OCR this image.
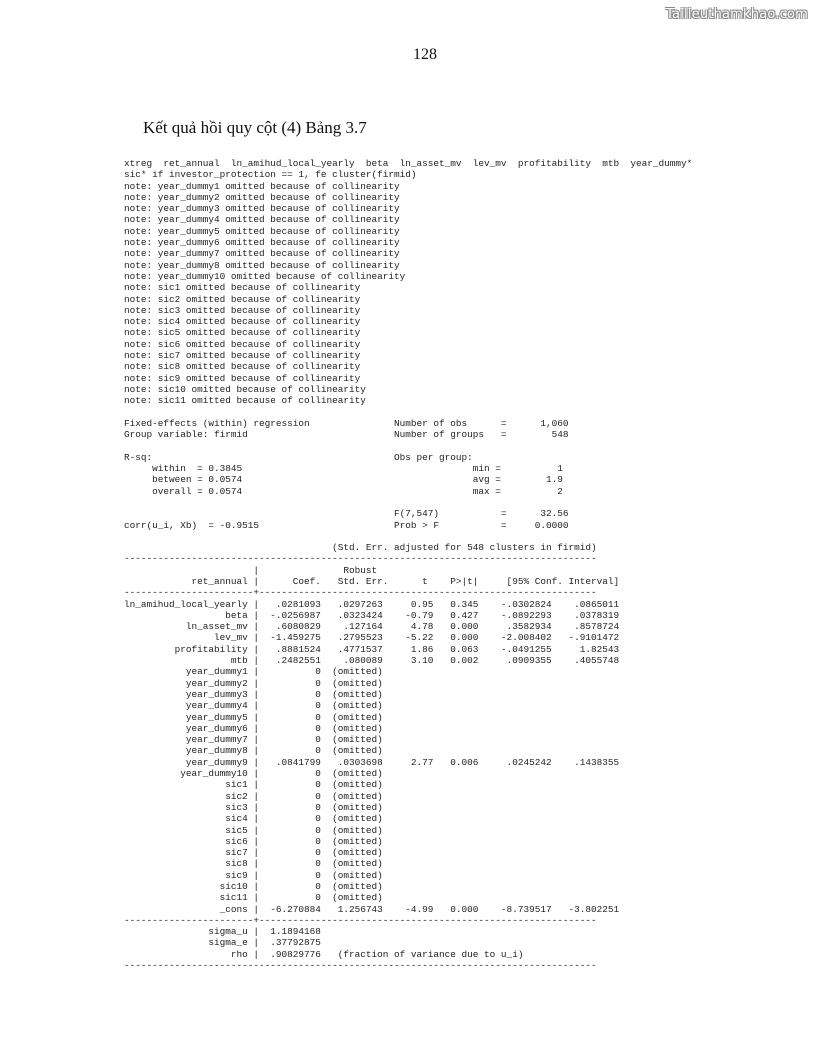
Tailieuthamkhao.com
128
Kết quả hồi quy cột (4) Bảng 3.7
xtreg  ret_annual  ln_amihud_local_yearly  beta  ln_asset_mv  lev_mv  profitability  mtb  year_dummy*
sic* if investor_protection == 1, fe cluster(firmid)
note: year_dummy1 omitted because of collinearity
note: year_dummy2 omitted because of collinearity
note: year_dummy3 omitted because of collinearity
note: year_dummy4 omitted because of collinearity
note: year_dummy5 omitted because of collinearity
note: year_dummy6 omitted because of collinearity
note: year_dummy7 omitted because of collinearity
note: year_dummy8 omitted because of collinearity
note: year_dummy10 omitted because of collinearity
note: sic1 omitted because of collinearity
note: sic2 omitted because of collinearity
note: sic3 omitted because of collinearity
note: sic4 omitted because of collinearity
note: sic5 omitted because of collinearity
note: sic6 omitted because of collinearity
note: sic7 omitted because of collinearity
note: sic8 omitted because of collinearity
note: sic9 omitted because of collinearity
note: sic10 omitted because of collinearity
note: sic11 omitted because of collinearity

Fixed-effects (within) regression               Number of obs      =      1,060
Group variable: firmid                          Number of groups   =        548

R-sq:                                           Obs per group:
within  = 0.3845                                         min =          1
between = 0.0574                                         avg =        1.9
overall = 0.0574                                         max =          2

F(7,547)           =      32.56
corr(u_i, Xb)  = -0.9515                        Prob > F           =     0.0000

(Std. Err. adjusted for 548 clusters in firmid)
------------------------------------------------------------------------------------
|               Robust
ret_annual |      Coef.   Std. Err.      t    P>|t|     [95% Conf. Interval]
-----------------------+------------------------------------------------------------
ln_amihud_local_yearly |   .0281093   .0297263     0.95   0.345    -.0302824    .0865011
beta |  -.0256987   .0323424    -0.79   0.427    -.0892293    .0378319
ln_asset_mv |   .6080829    .127164     4.78   0.000     .3582934    .8578724
lev_mv |  -1.459275   .2795523    -5.22   0.000    -2.008402   -.9101472
profitability |   .8881524   .4771537     1.86   0.063    -.0491255     1.82543
mtb |   .2482551    .080089     3.10   0.002     .0909355    .4055748
year_dummy1 |          0  (omitted)
year_dummy2 |          0  (omitted)
year_dummy3 |          0  (omitted)
year_dummy4 |          0  (omitted)
year_dummy5 |          0  (omitted)
year_dummy6 |          0  (omitted)
year_dummy7 |          0  (omitted)
year_dummy8 |          0  (omitted)
year_dummy9 |   .0841799   .0303698     2.77   0.006     .0245242    .1438355
year_dummy10 |          0  (omitted)
sic1 |          0  (omitted)
sic2 |          0  (omitted)
sic3 |          0  (omitted)
sic4 |          0  (omitted)
sic5 |          0  (omitted)
sic6 |          0  (omitted)
sic7 |          0  (omitted)
sic8 |          0  (omitted)
sic9 |          0  (omitted)
sic10 |          0  (omitted)
sic11 |          0  (omitted)
_cons |  -6.270884   1.256743    -4.99   0.000    -8.739517   -3.802251
-----------------------+------------------------------------------------------------
sigma_u |  1.1894168
sigma_e |  .37792875
rho |  .90829776   (fraction of variance due to u_i)
------------------------------------------------------------------------------------
